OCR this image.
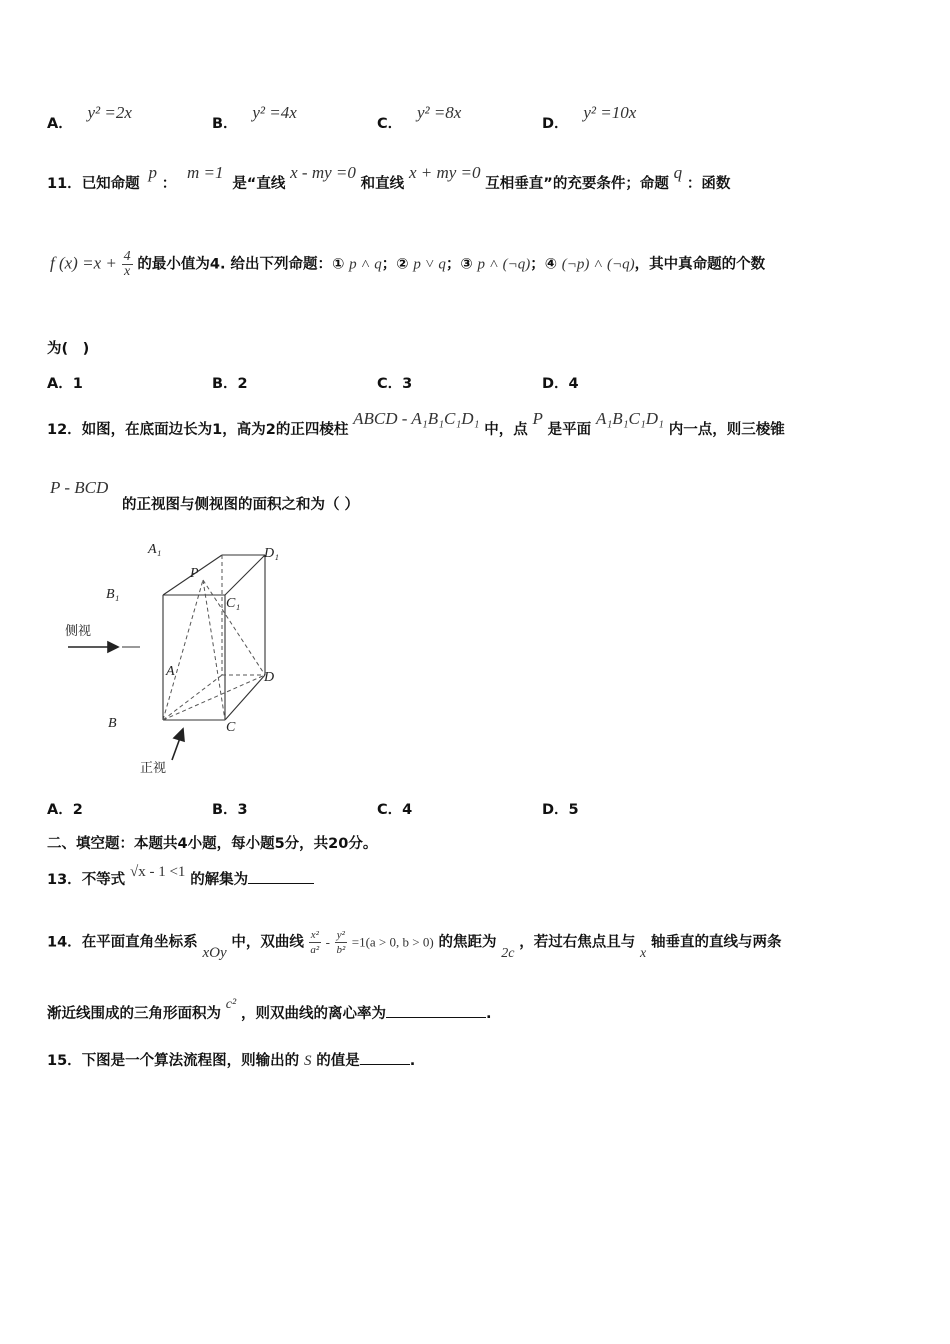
A． y² =2x
B． y² =4x
C． y² =8x
D． y² =10x
11．已知命题 p ： m =1 是“直线 x - my =0 和直线 x + my =0 互相垂直”的充要条件；命题 q ：函数
f $(x) =x + \frac{4}{x}$ 的最小值为4. 给出下列命题：① p ˄ q；② p ˅ q；③ p ˄ (¬q)；④ (¬p) ˄ (¬q)，其中真命题的个数
为(　)
A．1	B．2	C．3	D．4
12．如图，在底面边长为1，高为2的正四棱柱 ABCD - A₁B₁C₁D₁ 中，点 P 是平面 A₁B₁C₁D₁ 内一点，则三棱锥
P - BCD
的正视图与侧视图的面积之和为（ ）
A₁	D₁
B₁
C₁
P
A	D
B	C
侧视
正视
A．2	B．3	C．4	D．5
二、填空题：本题共4小题，每小题5分，共20分。
13．不等式 √x - 1 <1 的解集为
14．在平面直角坐标系 xOy 中，双曲线 $\frac{\text{x²}}{\text{a²}} - \frac{\text{y²}}{\text{b²}} =1(a > 0$, b > 0) 的焦距为 2c ，若过右焦点且与 x 轴垂直的直线与两条
渐近线围成的三角形面积为 c² ，则双曲线的离心率为	.
15．下图是一个算法流程图，则输出的 S 的值是	.
